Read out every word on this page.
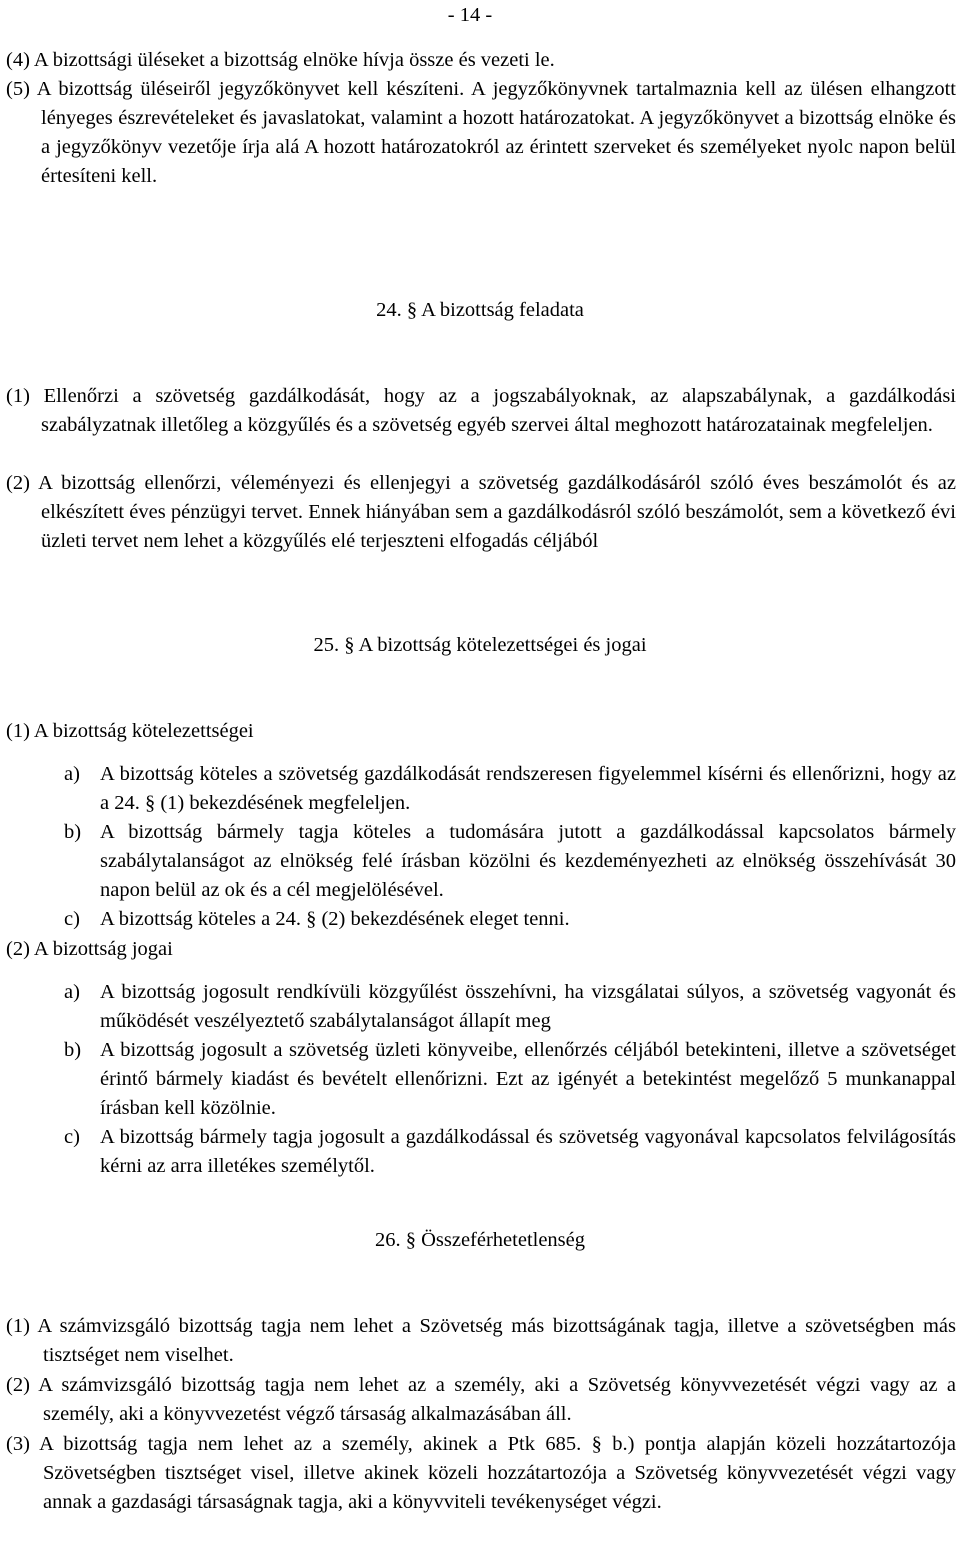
- 14 -
(4) A bizottsági üléseket a bizottság elnöke hívja össze és vezeti le.
(5) A bizottság üléseiről jegyzőkönyvet kell készíteni. A jegyzőkönyvnek tartalmaznia kell az ülésen elhangzott lényeges észrevételeket és javaslatokat, valamint a hozott határozatokat. A jegyzőkönyvet a bizottság elnöke és a jegyzőkönyv vezetője írja alá A hozott határozatokról az érintett szerveket és személyeket nyolc napon belül értesíteni kell.
24. § A bizottság feladata
(1) Ellenőrzi a szövetség gazdálkodását, hogy az a jogszabályoknak, az alapszabálynak, a gazdálkodási szabályzatnak illetőleg a közgyűlés és a szövetség egyéb szervei által meghozott határozatainak megfeleljen.
(2) A bizottság ellenőrzi, véleményezi és ellenjegyi a szövetség gazdálkodásáról szóló éves beszámolót és az elkészített éves pénzügyi tervet. Ennek hiányában sem a gazdálkodásról szóló beszámolót, sem a következő évi üzleti tervet nem lehet a közgyűlés elé terjeszteni elfogadás céljából
25. § A bizottság kötelezettségei és jogai
(1) A bizottság kötelezettségei
a) A bizottság köteles a szövetség gazdálkodását rendszeresen figyelemmel kísérni és ellenőrizni, hogy az a 24. § (1) bekezdésének megfeleljen.
b) A bizottság bármely tagja köteles a tudomására jutott a gazdálkodással kapcsolatos bármely szabálytalanságot az elnökség felé írásban közölni és kezdeményezheti az elnökség összehívását 30 napon belül az ok és a cél megjelölésével.
c) A bizottság köteles a 24. § (2) bekezdésének eleget tenni.
(2) A bizottság jogai
a) A bizottság jogosult rendkívüli közgyűlést összehívni, ha vizsgálatai súlyos, a szövetség vagyonát és működését veszélyeztető szabálytalanságot állapít meg
b) A bizottság jogosult a szövetség üzleti könyveibe, ellenőrzés céljából betekinteni, illetve a szövetséget érintő bármely kiadást és bevételt ellenőrizni. Ezt az igényét a betekintést megelőző 5 munkanappal írásban kell közölnie.
c) A bizottság bármely tagja jogosult a gazdálkodással és szövetség vagyonával kapcsolatos felvilágosítás kérni az arra illetékes személytől.
26. § Összeférhetetlenség
(1) A számvizsgáló bizottság tagja nem lehet a Szövetség más bizottságának tagja, illetve a szövetségben más tisztséget nem viselhet.
(2) A számvizsgáló bizottság tagja nem lehet az a személy, aki a Szövetség könyvvezetését végzi vagy az a személy, aki a könyvvezetést végző társaság alkalmazásában áll.
(3) A bizottság tagja nem lehet az a személy, akinek a Ptk 685. § b.) pontja alapján közeli hozzátartozója Szövetségben tisztséget visel, illetve akinek közeli hozzátartozója a Szövetség könyvvezetését végzi vagy annak a gazdasági társaságnak tagja, aki a könyvviteli tevékenységet végzi.
